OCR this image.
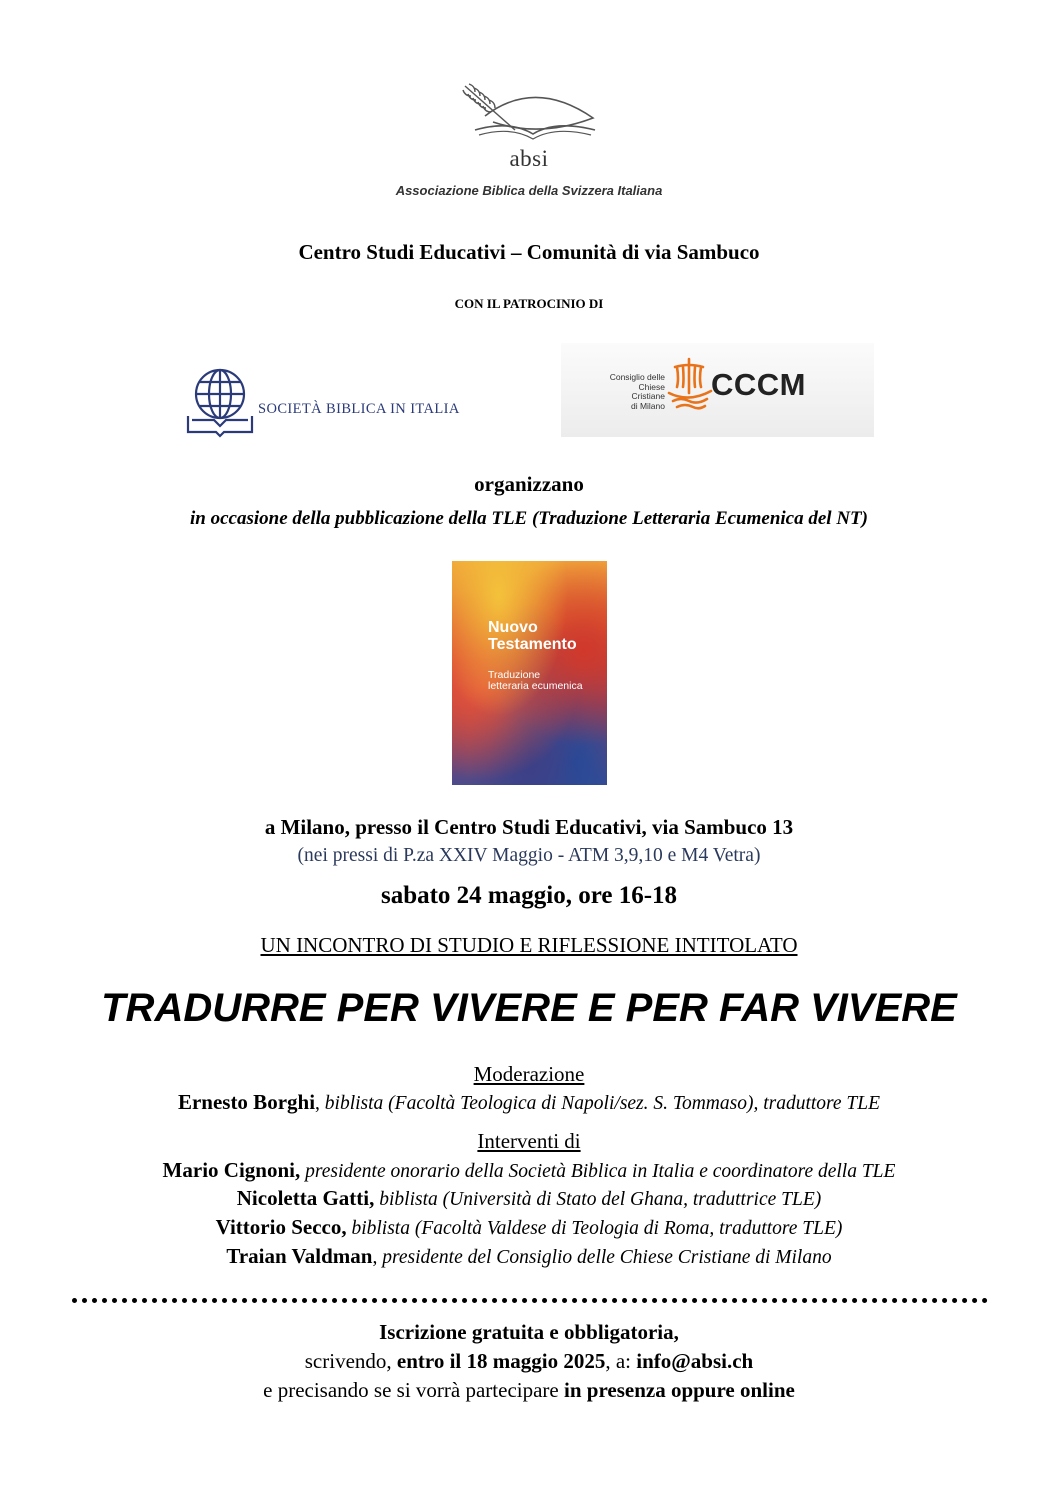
absi
Associazione Biblica della Svizzera Italiana
Centro Studi Educativi – Comunità di via Sambuco
CON IL PATROCINIO DI
SOCIETÀ BIBLICA IN ITALIA
Consiglio delle
Chiese Cristiane
di Milano
CCCM
organizzano
in occasione della pubblicazione della TLE (Traduzione Letteraria Ecumenica del NT)
Nuovo
Testamento
Traduzione
letteraria ecumenica
a Milano, presso il Centro Studi Educativi, via Sambuco 13
(nei pressi di P.za XXIV Maggio - ATM 3,9,10 e M4 Vetra)
sabato 24 maggio, ore 16-18
UN INCONTRO DI STUDIO E RIFLESSIONE INTITOLATO
TRADURRE PER VIVERE E PER FAR VIVERE
Moderazione
Ernesto Borghi, biblista (Facoltà Teologica di Napoli/sez. S. Tommaso), traduttore TLE
Interventi di
Mario Cignoni, presidente onorario della Società Biblica in Italia e coordinatore della TLE
Nicoletta Gatti, biblista (Università di Stato del Ghana, traduttrice TLE)
Vittorio Secco, biblista (Facoltà Valdese di Teologia di Roma, traduttore TLE)
Traian Valdman, presidente del Consiglio delle Chiese Cristiane di Milano
Iscrizione gratuita e obbligatoria,
scrivendo, entro il 18 maggio 2025, a: info@absi.ch
e precisando se si vorrà partecipare in presenza oppure online
